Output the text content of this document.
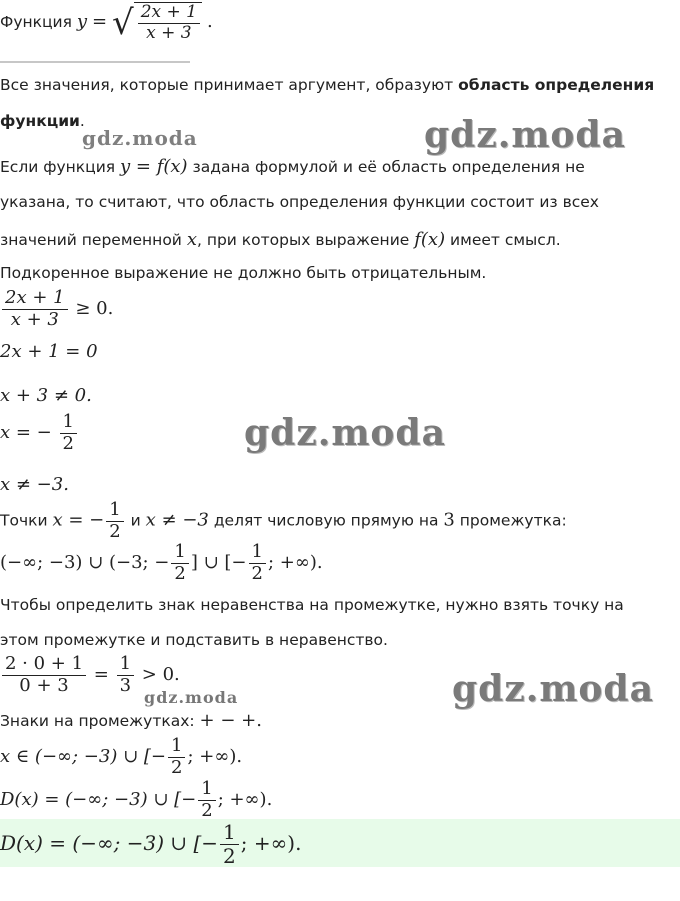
Функция y = √ $\frac{2x + 1}{x + 3}$ .
Все значения, которые принимает аргумент, образуют область определения
функции.
gdz.moda	gdz.moda
Если функция y = f(x) задана формулой и её область определения не
указана, то считают, что область определения функции состоит из всех
значений переменной x, при которых выражение f(x) имеет смысл.
Подкоренное выражение не должно быть отрицательным.
$\frac{2x + 1}{x + 3} \ge 0$.
2x + 1 = 0
x + 3 ≠ 0.
x = − $\frac{1}{2}$	gdz.moda
x ≠ −3.
Точки x = − $\frac{1}{2}$ и x ≠ −3 делят числовую прямую на 3 промежутка:
(−∞; −3) ∪ (−3; − $\frac{1}{2}$ ] ∪ [− $\frac{1}{2}$ ; +∞).
Чтобы определить знак неравенства на промежутке, нужно взять точку на
этом промежутке и подставить в неравенство.
$\frac{2 \cdot 0 + 1}{0 + 3} = \frac{1}{3} > 0$.
gdz.moda	gdz.moda
Знаки на промежутках: + − +.
x ∈ (−∞; −3) ∪ [− $\frac{1}{2}$ ; +∞).
D(x) = (−∞; −3) ∪ [− $\frac{1}{2}$ ; +∞).
D(x) = (−∞; −3) ∪ [− $\frac{1}{2}$ ; +∞).
